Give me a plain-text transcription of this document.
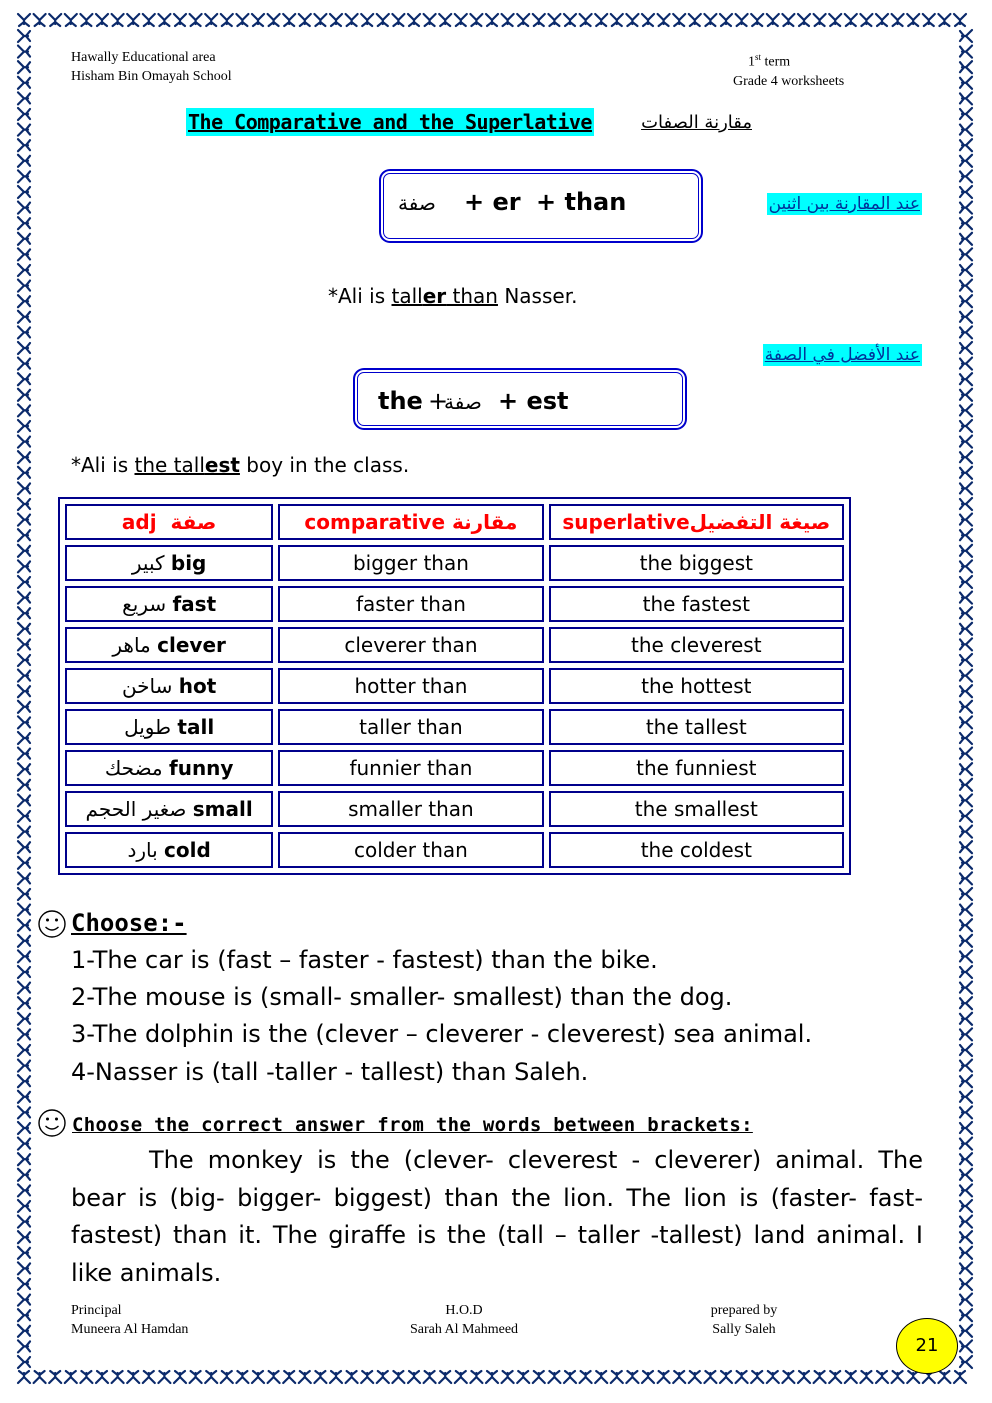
Hawally Educational area
Hisham Bin Omayah School
1st term
Grade 4 worksheets
The Comparative and the Superlative	مقارنة الصفات
صفة + er + than	عند المقارنة بين اثنين
*Ali is taller than Nasser.
عند الأفضل في الصفة
the +
صفة + est
*Ali is the tallest boy in the class.
adj صفة	comparative مقارنة	superlativeصيغة التفضيل
كبير big	bigger than	the biggest
سريع fast	faster than	the fastest
ماهر clever	cleverer than	the cleverest
ساخن hot	hotter than	the hottest
طويل tall	taller than	the tallest
مضحك funny	funnier than	the funniest
صغير الحجم small	smaller than	the smallest
بارد cold	colder than	the coldest
Choose:-
1-The car is (fast – faster - fastest) than the bike.
2-The mouse is (small- smaller- smallest) than the dog.
3-The dolphin is the (clever – cleverer - cleverest) sea animal.
4-Nasser is (tall -taller - tallest) than Saleh.
Choose the correct answer from the words between brackets:
The monkey is the (clever- cleverest - cleverer) animal. The bear is (big- bigger- biggest) than the lion. The lion is (faster- fast- fastest) than it. The giraffe is the (tall – taller -tallest) land animal. I like animals.
Principal
Muneera Al Hamdan
H.O.D
Sarah Al Mahmeed
prepared by
Sally Saleh
21
